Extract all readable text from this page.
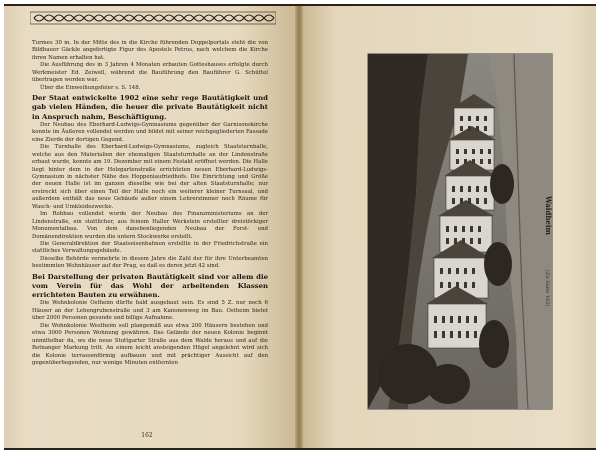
Turmes 30 m. In der Mitte des in die Kirche führenden Doppelportals steht die von Bildhauer Gäckle angefertigte Figur des Apostels Petrus, nach welchem die Kirche ihren Namen erhalten hat.

Die Ausführung des in 3 Jahren 4 Monaten erbauten Gotteshauses erfolgte durch Werkmeister Ed. Zeiwell, während die Bauführung den Bauführer G. Schüttel übertragen worden war.

Über die Einweihungsfeier s. S. 148.

Der Staat entwickelte 1902 eine sehr rege Bautätigkeit und gab vielen Händen, die heuer die private Bautätigkeit nicht in Anspruch nahm, Beschäftigung.

Der Neubau des Eberhard-Ludwigs-Gymnasiums gegenüber der Garnisonskirche konnte im Äußeren vollendet werden und bildet mit seiner reichgegliederten Fassade eine Zierde der dortigen Gegend.

Die Turnhalle des Eberhard-Ludwigs-Gymnasiums, zugleich Staatsturnhalle, welche aus den Materialien der ehemaligen Staatsturnhalle an der Lindenstraße erbaut wurde, konnte am 19. Dezember mit einem Festakt eröffnet werden. Die Halle liegt hinter dem in der Holzgartenstraße errichteten neuen Eberhard-Ludwigs-Gymnasium in nächster Nähe des Hoppenlaufriedhofs. Die Einrichtung und Größe der neuen Halle ist im ganzen dieselbe wie bei der alten Staatsturnhalle; nur erstreckt sich über einen Teil der Halle noch ein weiterer kleiner Turnsaal, und außerdem enthält das neue Gebäude außer einem Lehrerzimmer noch Räume für Wasch- und Umkleidezwecke.

Im Rohbau vollendet wurde der Neubau des Finanzministeriums an der Lindenstraße, ein stattlicher, aus feinem Haller Werkstein erstellter dreistöckiger Monumentalbau. Von dem danebenliegenden Neubau der Forst- und Domänendirektion wurden die untern Stockwerke erstellt.

Die Generaldirektion der Staatseisenbahnen erstellte in der Friedrichstraße ein stattliches Verwaltungsgebäude.

Dieselbe Behörde vermehrte in diesem Jahre die Zahl der für ihre Unterbeamten bestimmten Wohnhäuser auf der Prag, so daß es deren jetzt 42 sind.

Bei Darstellung der privaten Bautätigkeit sind vor allem die vom Verein für das Wohl der arbeitenden Klassen errichteten Bauten zu erwähnen.

Die Wohnkolonie Ostheim dürfte bald ausgebaut sein. Es sind 5 Z. nur noch 6 Häuser an der Lehengrubenstraße und 3 am Kanonenweg im Bau. Ostheim bietet über 2000 Personen gesunde und billige Aufnahme.

Die Wohnkolonie Westheim soll plangemäß aus etwa 200 Häusern bestehen und etwa 3000 Personen Wohnung gewähren. Das Gelände der neuen Kolonie beginnt unmittelbar da, wo die neue Stuttgarter Straße aus dem Walde heraus und auf die Botnanger Markung tritt. An einem leicht ansteigenden Hügel angelehnt wird sich die Kolonie terrassenförmig aufbauen und mit prächtiger Aussicht auf den gegenüberliegenden, nur wenige Minuten entfernten

162
Waldheim (Zu Seite 162)
